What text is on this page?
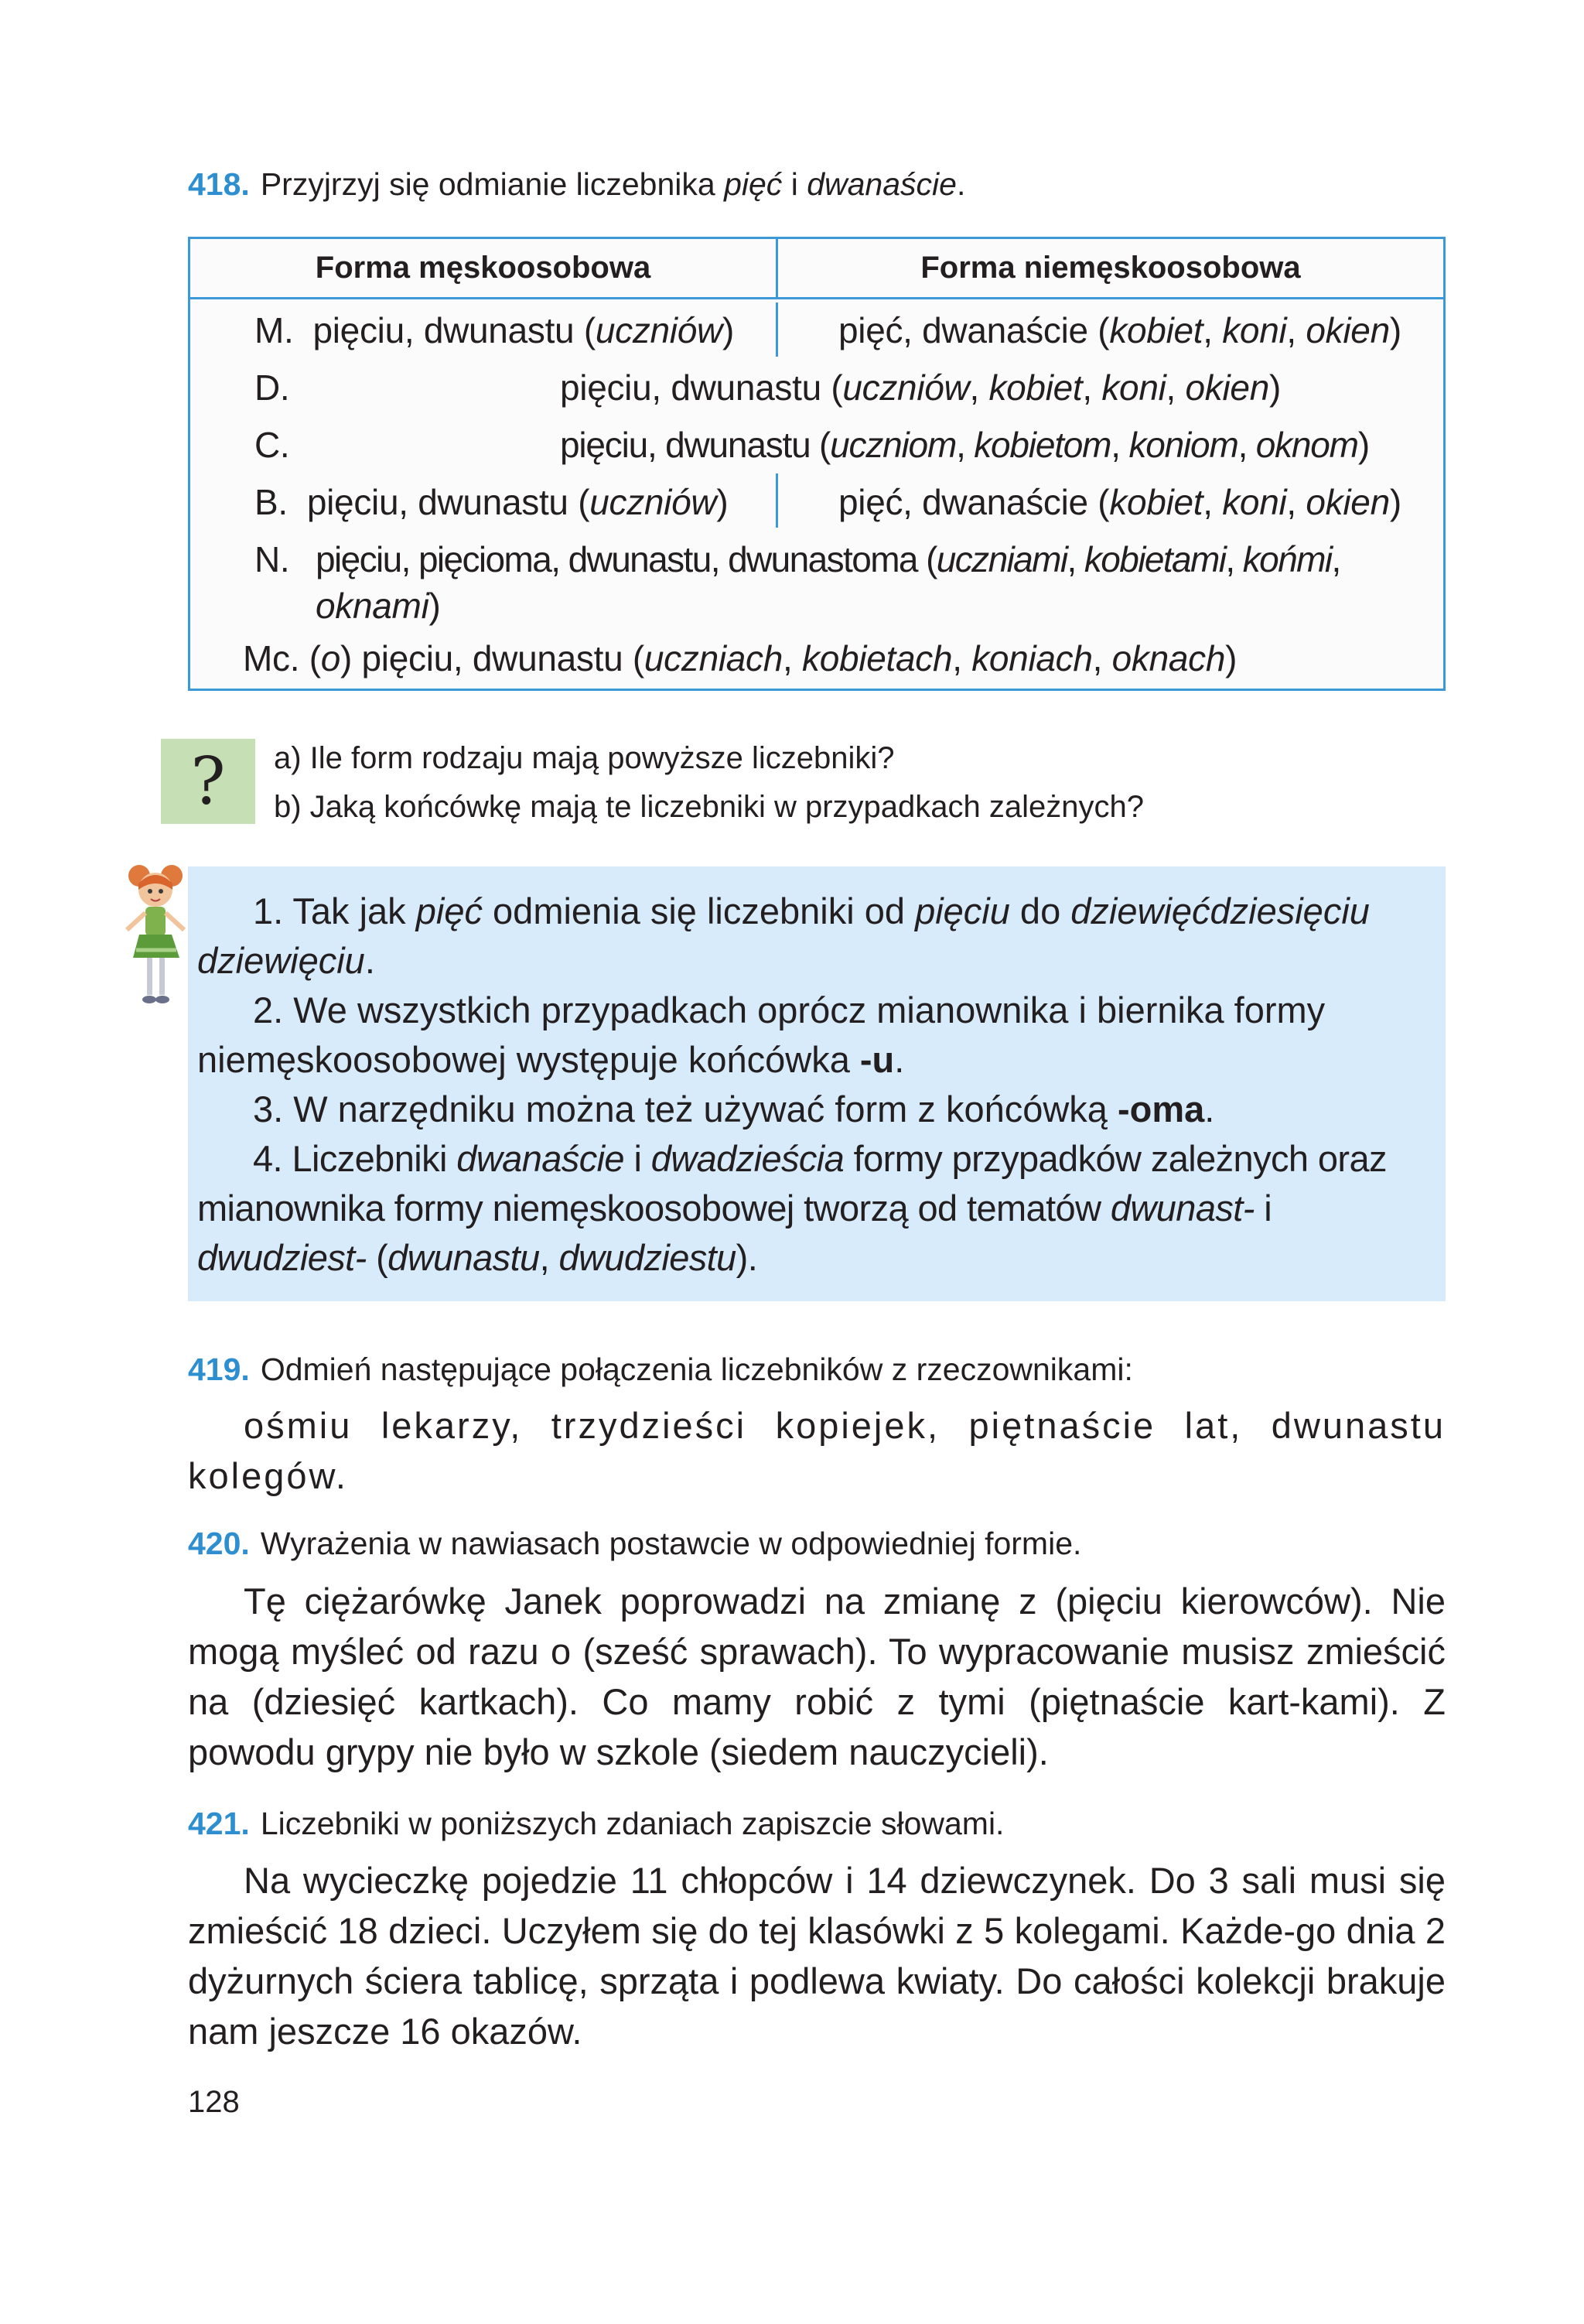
418. Przyjrzyj się odmianie liczebnika pięć i dwanaście.
Forma męskoosobowa	Forma niemęskoosobowa
M. pięciu, dwunastu (uczniów)	pięć, dwanaście (kobiet, koni, okien)
D.	pięciu, dwunastu (uczniów, kobiet, koni, okien)
C.	pięciu, dwunastu (uczniom, kobietom, koniom, oknom)
B. pięciu, dwunastu (uczniów)	pięć, dwanaście (kobiet, koni, okien)
N. pięciu, pięcioma, dwunastu, dwunastoma (uczniami, kobietami, końmi,
oknami)
Mc. (o) pięciu, dwunastu (uczniach, kobietach, koniach, oknach)
?	a) Ile form rodzaju mają powyższe liczebniki?
b) Jaką końcówkę mają te liczebniki w przypadkach zależnych?

1. Tak jak pięć odmienia się liczebniki od pięciu do dziewięćdziesięciu dziewięciu.

2. We wszystkich przypadkach oprócz mianownika i biernika formy niemęskoosobowej występuje końcówka -u.

3. W narzędniku można też używać form z końcówką -oma.

4. Liczebniki dwanaście i dwadzieścia formy przypadków zależnych oraz mianownika formy niemęskoosobowej tworzą od tematów dwunast- i dwudziest- (dwunastu, dwudziestu).

419. Odmień następujące połączenia liczebników z rzeczownikami:
ośmiu lekarzy, trzydzieści kopiejek, piętnaście lat, dwunastu kolegów.
420. Wyrażenia w nawiasach postawcie w odpowiedniej formie.
Tę ciężarówkę Janek poprowadzi na zmianę z (pięciu kierowców). Nie mogą myśleć od razu o (sześć sprawach). To wypracowanie musisz zmieścić na (dziesięć kartkach). Co mamy robić z tymi (piętnaście kart-kami). Z powodu grypy nie było w szkole (siedem nauczycieli).
421. Liczebniki w poniższych zdaniach zapiszcie słowami.
Na wycieczkę pojedzie 11 chłopców i 14 dziewczynek. Do 3 sali musi się zmieścić 18 dzieci. Uczyłem się do tej klasówki z 5 kolegami. Każde-go dnia 2 dyżurnych ściera tablicę, sprząta i podlewa kwiaty. Do całości kolekcji brakuje nam jeszcze 16 okazów.
128
